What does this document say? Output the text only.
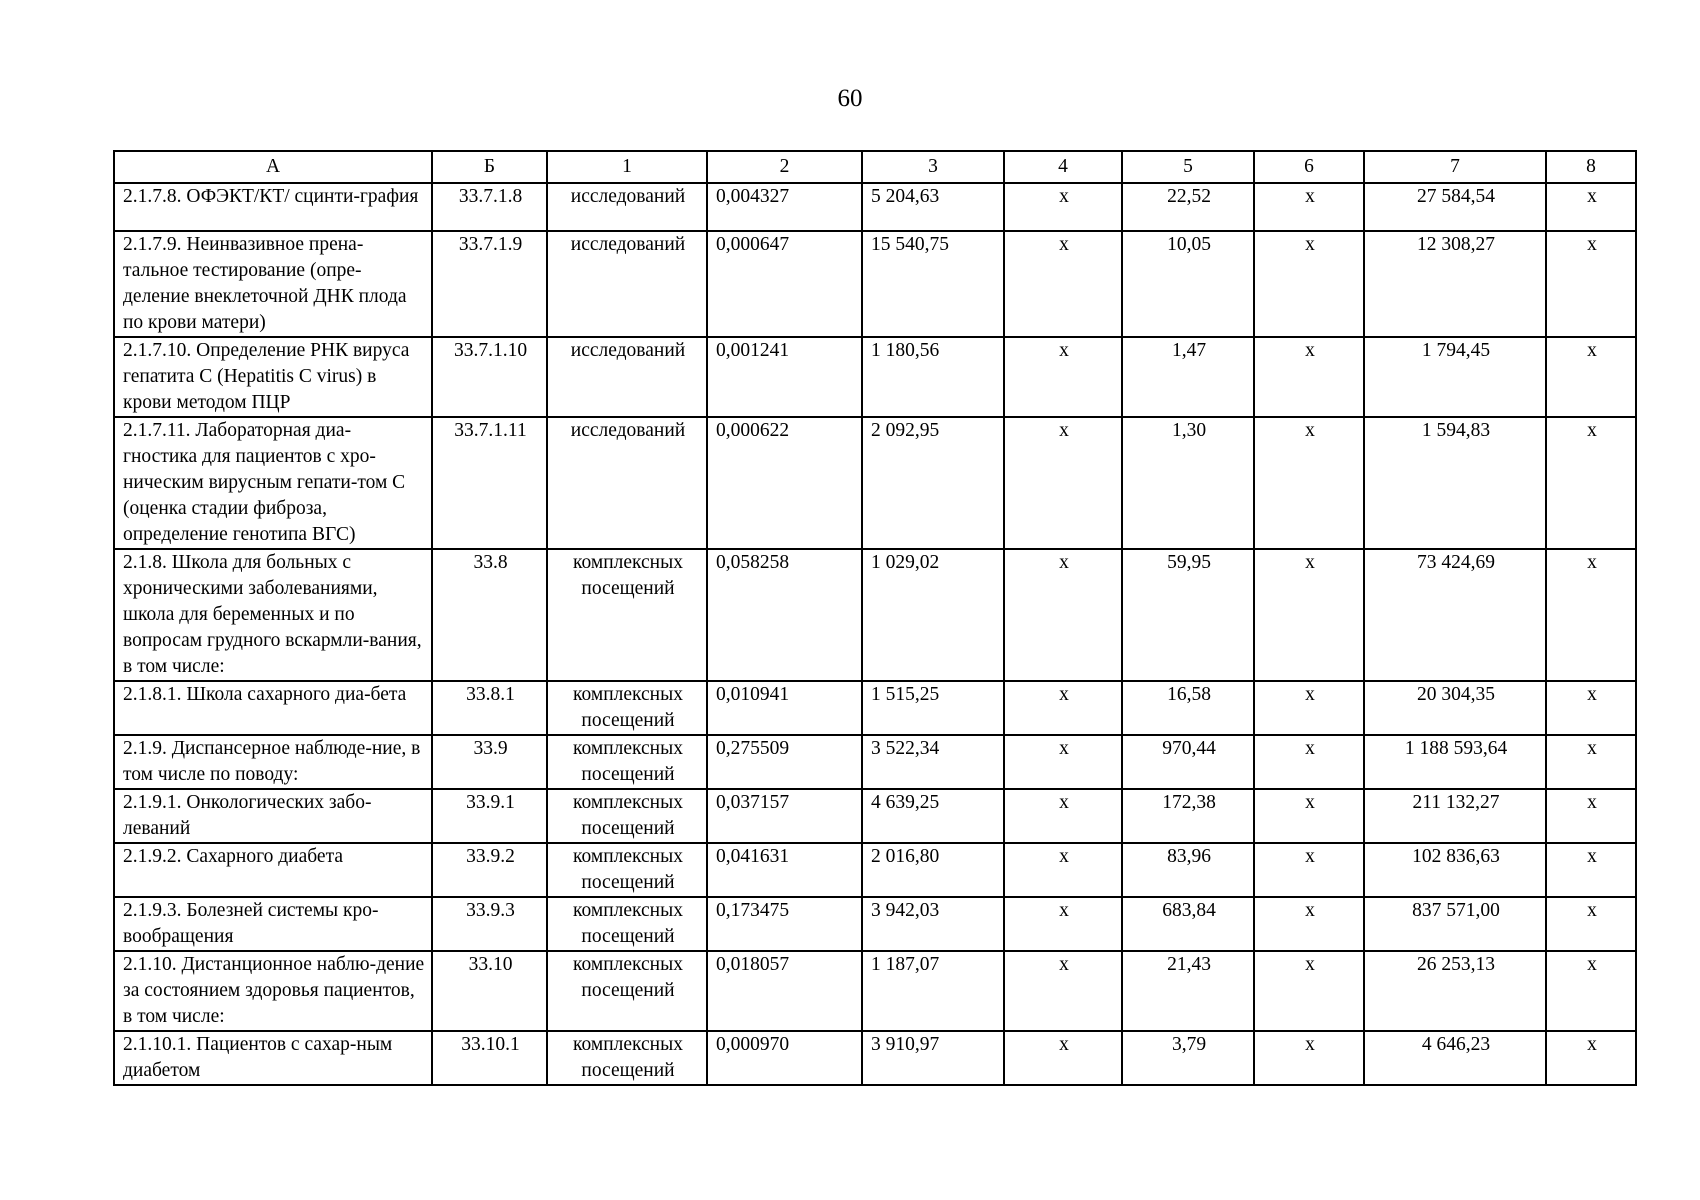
60
А	Б	1	2	3	4	5	6	7	8
2.1.7.8. ОФЭКТ/КТ/ сцинти-графия	33.7.1.8	исследований	0,004327	5 204,63	х	22,52	х	27 584,54	х
2.1.7.9. Неинвазивное прена-тальное тестирование (опре-деление внеклеточной ДНК плода по крови матери)	33.7.1.9	исследований	0,000647	15 540,75	х	10,05	х	12 308,27	х
2.1.7.10. Определение РНК вируса гепатита С (Hepatitis C virus) в крови методом ПЦР	33.7.1.10	исследований	0,001241	1 180,56	х	1,47	х	1 794,45	х
2.1.7.11. Лабораторная диа-гностика для пациентов с хро-ническим вирусным гепати-том С (оценка стадии фиброза, определение генотипа ВГС)	33.7.1.11	исследований	0,000622	2 092,95	х	1,30	х	1 594,83	х
2.1.8. Школа для больных с хроническими заболеваниями, школа для беременных и по вопросам грудного вскармли-вания, в том числе:	33.8	комплексных посещений	0,058258	1 029,02	х	59,95	х	73 424,69	х
2.1.8.1. Школа сахарного диа-бета	33.8.1	комплексных посещений	0,010941	1 515,25	х	16,58	х	20 304,35	х
2.1.9. Диспансерное наблюде-ние, в том числе по поводу:	33.9	комплексных посещений	0,275509	3 522,34	х	970,44	х	1 188 593,64	х
2.1.9.1. Онкологических забо-леваний	33.9.1	комплексных посещений	0,037157	4 639,25	х	172,38	х	211 132,27	х
2.1.9.2. Сахарного диабета	33.9.2	комплексных посещений	0,041631	2 016,80	х	83,96	х	102 836,63	х
2.1.9.3. Болезней системы кро-вообращения	33.9.3	комплексных посещений	0,173475	3 942,03	х	683,84	х	837 571,00	х
2.1.10. Дистанционное наблю-дение за состоянием здоровья пациентов, в том числе:	33.10	комплексных посещений	0,018057	1 187,07	х	21,43	х	26 253,13	х
2.1.10.1. Пациентов с сахар-ным диабетом	33.10.1	комплексных посещений	0,000970	3 910,97	х	3,79	х	4 646,23	х
